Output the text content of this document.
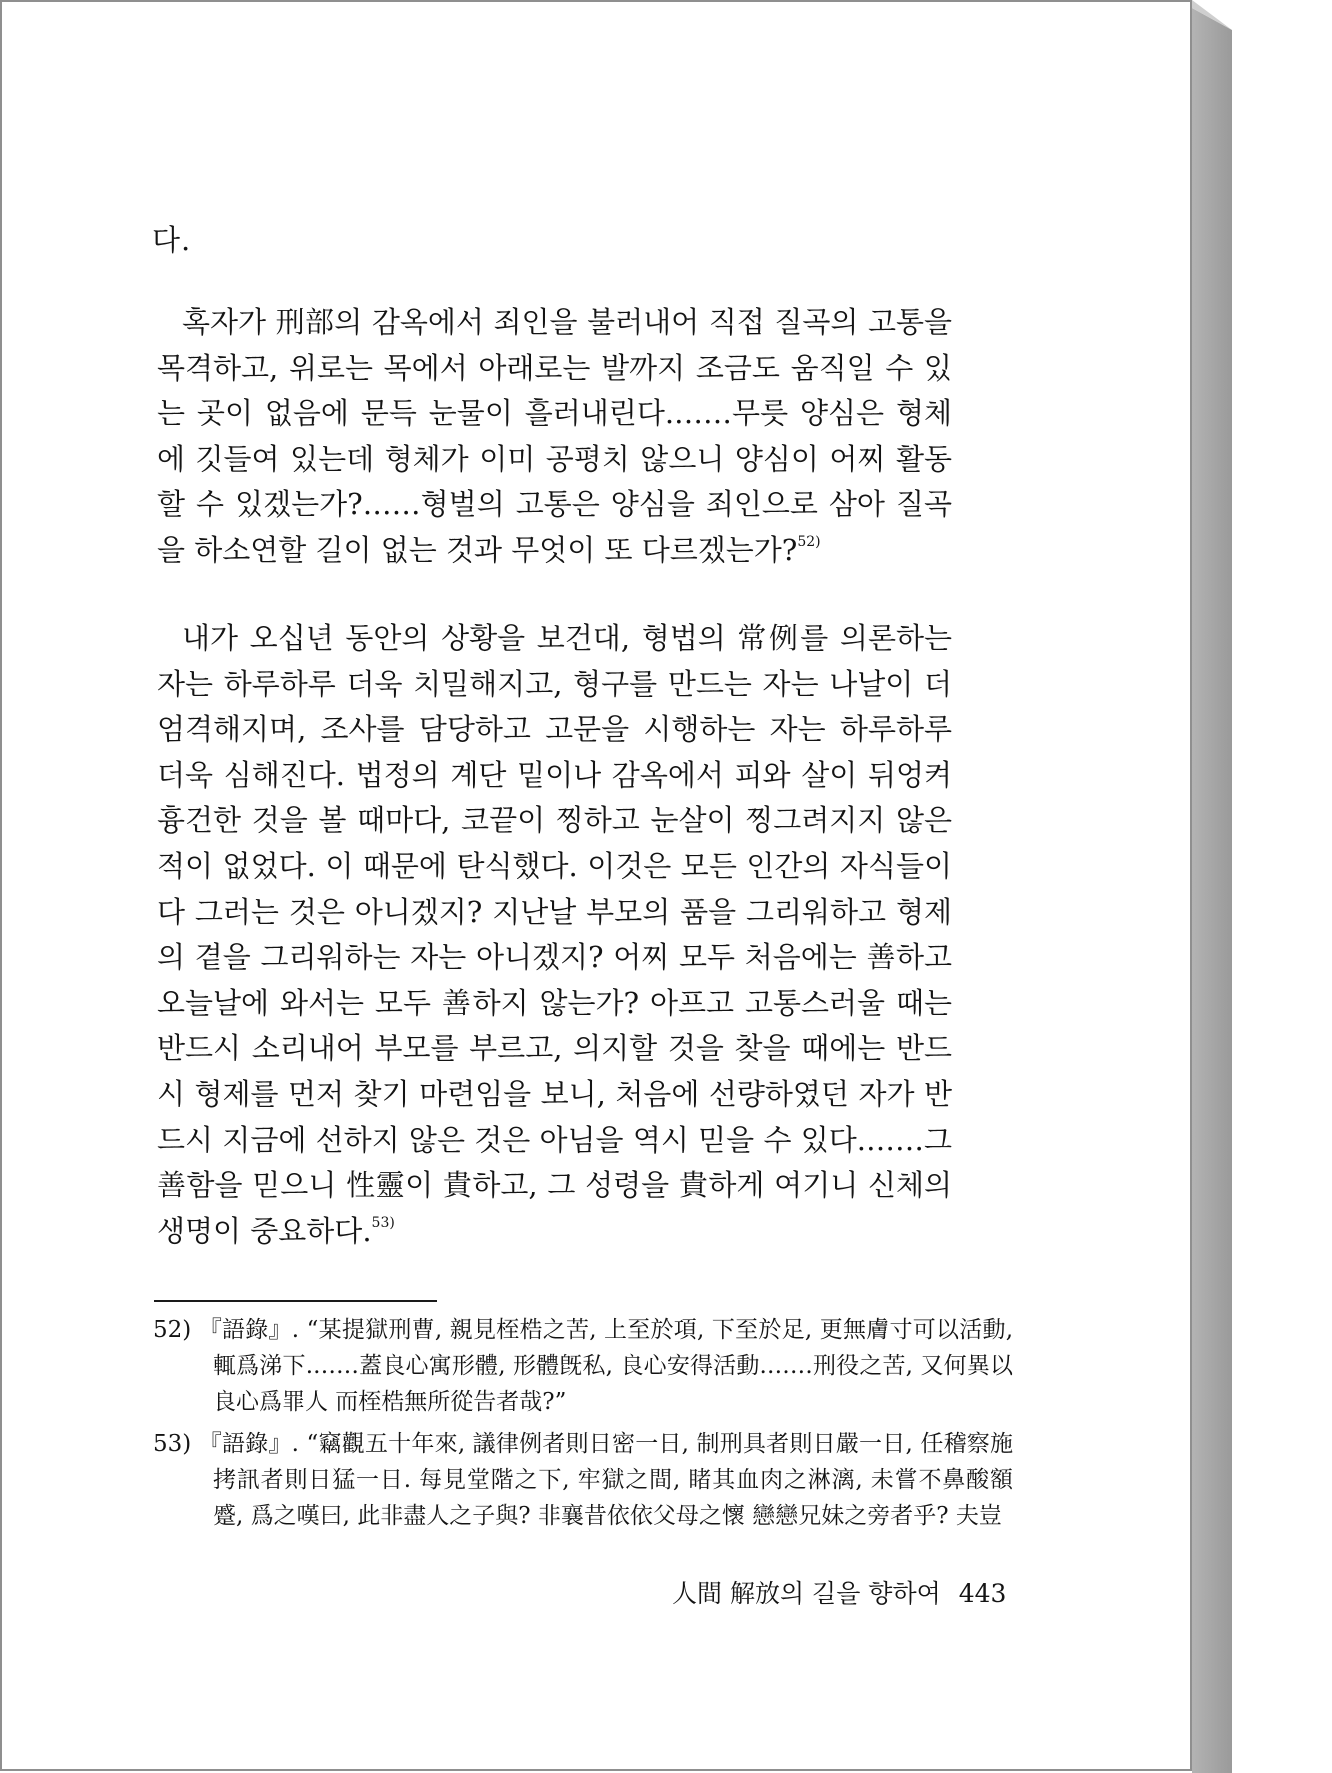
다.

혹자가 刑部의 감옥에서 죄인을 불러내어 직접 질곡의 고통을 목격하고, 위로는 목에서 아래로는 발까지 조금도 움직일 수 있는 곳이 없음에 문득 눈물이 흘러내린다.……무릇 양심은 형체에 깃들여 있는데 형체가 이미 공평치 않으니 양심이 어찌 활동할 수 있겠는가?……형벌의 고통은 양심을 죄인으로 삼아 질곡을 하소연할 길이 없는 것과 무엇이 또 다르겠는가?$^{52)}$

내가 오십년 동안의 상황을 보건대, 형법의 常例를 의론하는 자는 하루하루 더욱 치밀해지고, 형구를 만드는 자는 나날이 더 엄격해지며, 조사를 담당하고 고문을 시행하는 자는 하루하루 더욱 심해진다. 법정의 계단 밑이나 감옥에서 피와 살이 뒤엉켜 흉건한 것을 볼 때마다, 코끝이 찡하고 눈살이 찡그려지지 않은 적이 없었다. 이 때문에 탄식했다. 이것은 모든 인간의 자식들이 다 그러는 것은 아니겠지? 지난날 부모의 품을 그리워하고 형제의 곁을 그리워하는 자는 아니겠지? 어찌 모두 처음에는 善하고 오늘날에 와서는 모두 善하지 않는가? 아프고 고통스러울 때는 반드시 소리내어 부모를 부르고, 의지할 것을 찾을 때에는 반드시 형제를 먼저 찾기 마련임을 보니, 처음에 선량하였던 자가 반드시 지금에 선하지 않은 것은 아님을 역시 믿을 수 있다.……그 善함을 믿으니 性靈이 貴하고, 그 성령을 貴하게 여기니 신체의 생명이 중요하다.$^{53)}$

52) 『語錄』. “某提獄刑曹, 親見桎梏之苦, 上至於項, 下至於足, 更無膚寸可以活動, 輒爲涕下.……蓋良心寓形體, 形體旣私, 良心安得活動.……刑役之苦, 又何異以良心爲罪人 而桎梏無所從告者哉?”
53) 『語錄』. “竊觀五十年來, 議律例者則日密一日, 制刑具者則日嚴一日, 任稽察施拷訊者則日猛一日. 每見堂階之下, 牢獄之間, 睹其血肉之淋漓, 未嘗不鼻酸額蹙, 爲之嘆曰, 此非盡人之子與? 非襄昔依依父母之懷 戀戀兄妹之旁者乎? 夫豈
人間 解放의 길을 향하여 443
